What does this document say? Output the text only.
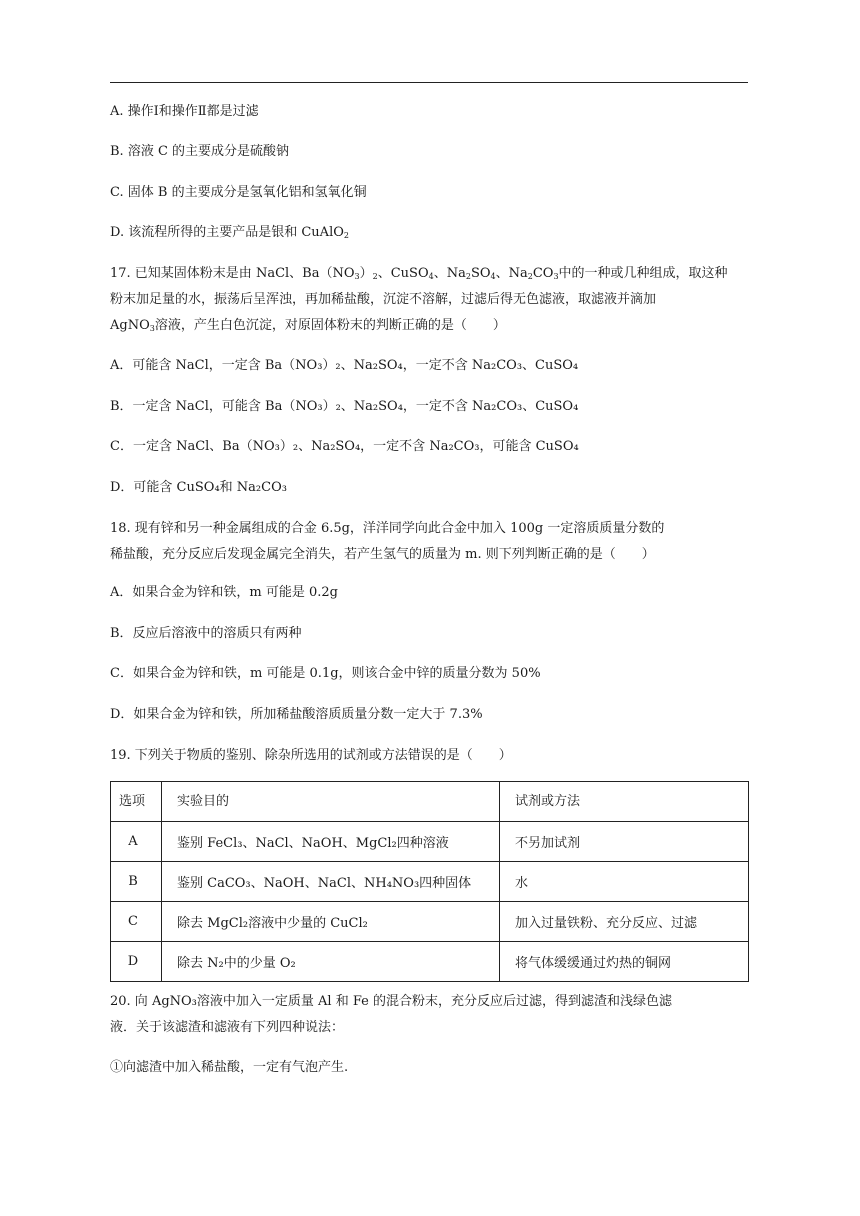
A. 操作Ⅰ和操作Ⅱ都是过滤
B. 溶液 C 的主要成分是硫酸钠
C. 固体 B 的主要成分是氢氧化铝和氢氧化铜
D. 该流程所得的主要产品是银和 CuAlO$_2$
17. 已知某固体粉末是由 NaCl、$Ba(NO_3)_2$、CuSO$_4$、$Na_2SO_4$、$Na_2CO_3$中的一种或几种组成，取这种
粉末加足量的水，振荡后呈浑浊，再加稀盐酸，沉淀不溶解，过滤后得无色滤液，取滤液并滴加
AgNO$_3$溶液，产生白色沉淀，对原固体粉末的判断正确的是（　　）
A．可能含 NaCl，一定含 Ba（NO₃）₂、Na₂SO₄，一定不含 Na₂CO₃、CuSO₄
B．一定含 NaCl，可能含 Ba（NO₃）₂、Na₂SO₄，一定不含 Na₂CO₃、CuSO₄
C．一定含 NaCl、Ba（NO₃）₂、Na₂SO₄，一定不含 Na₂CO₃，可能含 CuSO₄
D．可能含 CuSO₄和 Na₂CO₃
18. 现有锌和另一种金属组成的合金 6.5g，洋洋同学向此合金中加入 100g 一定溶质质量分数的
稀盐酸，充分反应后发现金属完全消失，若产生氢气的质量为 m. 则下列判断正确的是（　　）
A．如果合金为锌和铁，m 可能是 0.2g
B．反应后溶液中的溶质只有两种
C．如果合金为锌和铁，m 可能是 0.1g，则该合金中锌的质量分数为 50%
D．如果合金为锌和铁，所加稀盐酸溶质质量分数一定大于 7.3%
19. 下列关于物质的鉴别、除杂所选用的试剂或方法错误的是（　　）
选项	实验目的	试剂或方法
A	鉴别 FeCl₃、NaCl、NaOH、MgCl₂四种溶液	不另加试剂
B	鉴别 CaCO₃、NaOH、NaCl、NH₄NO₃四种固体	水
C	除去 MgCl₂溶液中少量的 CuCl₂	加入过量铁粉、充分反应、过滤
D	除去 N₂中的少量 O₂	将气体缓缓通过灼热的铜网
20. 向 AgNO₃溶液中加入一定质量 Al 和 Fe 的混合粉末，充分反应后过滤，得到滤渣和浅绿色滤
液．关于该滤渣和滤液有下列四种说法：
①向滤渣中加入稀盐酸，一定有气泡产生.
